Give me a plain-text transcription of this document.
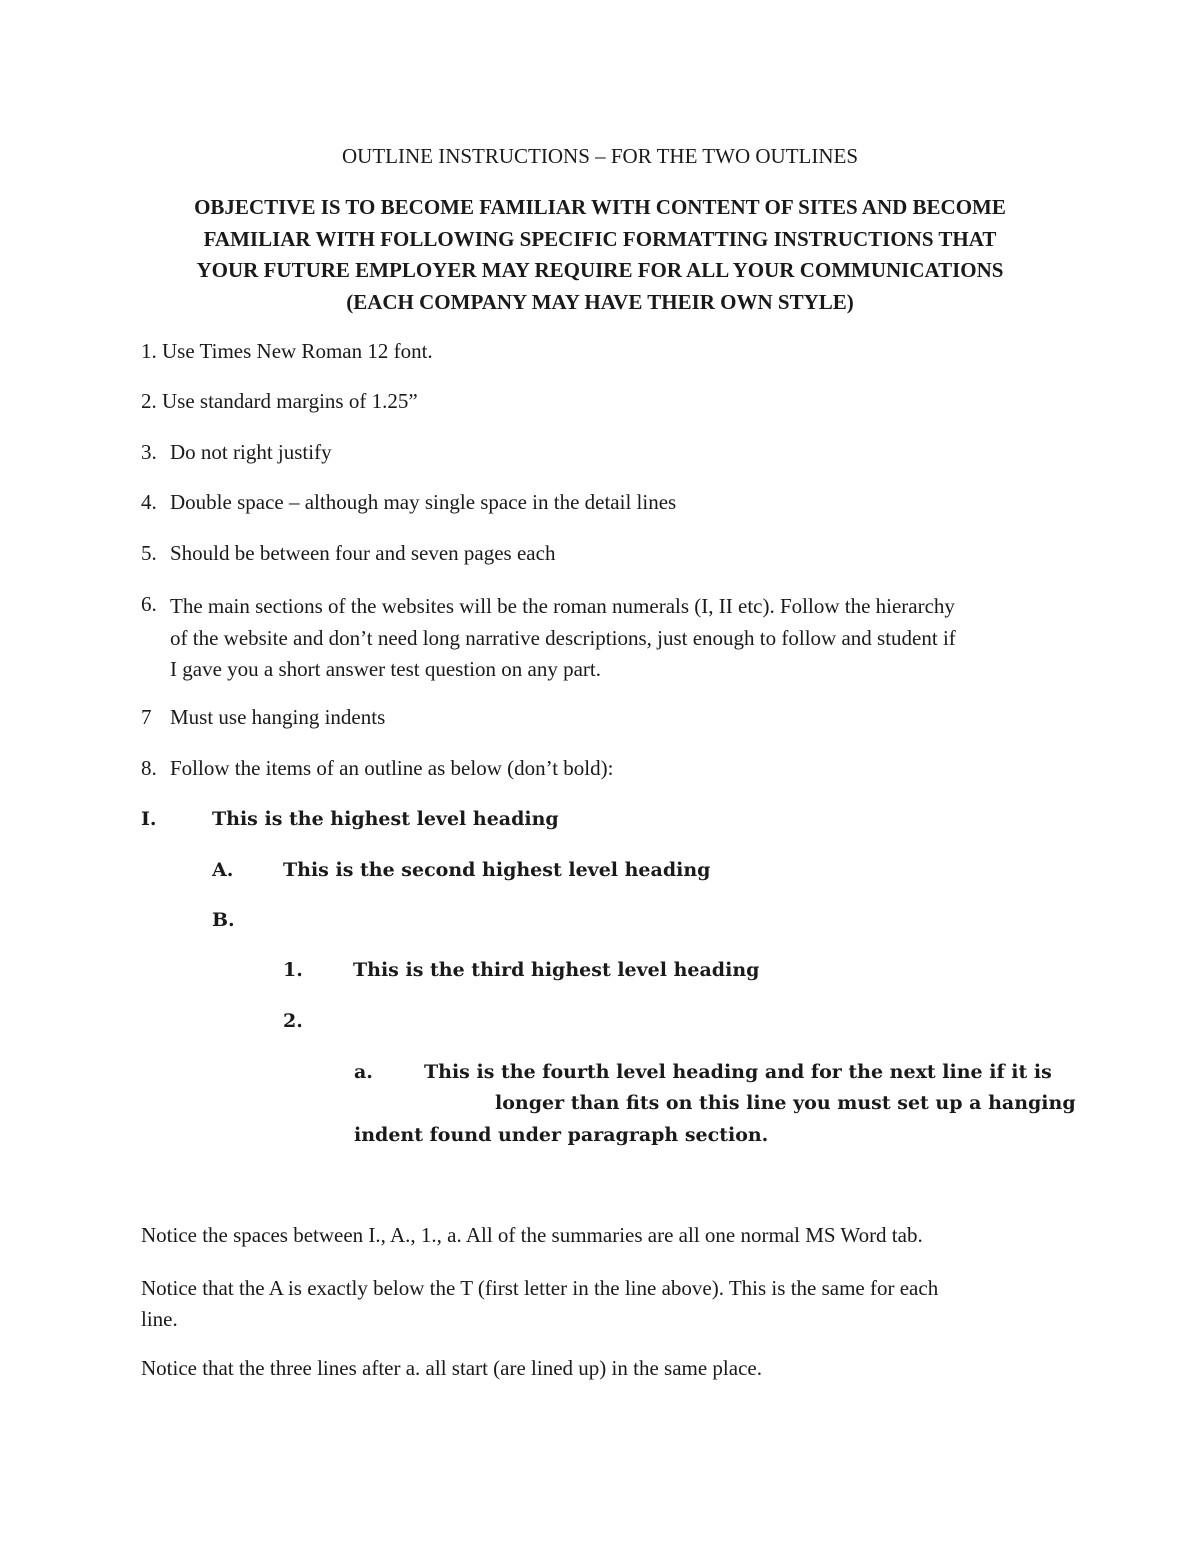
OUTLINE INSTRUCTIONS – FOR THE TWO OUTLINES
OBJECTIVE IS TO BECOME FAMILIAR WITH CONTENT OF SITES AND BECOME
FAMILIAR WITH FOLLOWING SPECIFIC FORMATTING INSTRUCTIONS THAT
YOUR FUTURE EMPLOYER MAY REQUIRE FOR ALL YOUR COMMUNICATIONS
(EACH COMPANY MAY HAVE THEIR OWN STYLE)
1. Use Times New Roman 12 font.
2. Use standard margins of 1.25”
3. Do not right justify
4. Double space – although may single space in the detail lines
5. Should be between four and seven pages each
6. The main sections of the websites will be the roman numerals (I, II etc). Follow the hierarchy
of the website and don’t need long narrative descriptions, just enough to follow and student if
I gave you a short answer test question on any part.
7 Must use hanging indents
8. Follow the items of an outline as below (don’t bold):
I.	This is the highest level heading
A.	This is the second highest level heading
B.
1.	This is the third highest level heading
2.
a.	This is the fourth level heading and for the next line if it is
longer than fits on this line you must set up a hanging
indent found under paragraph section.
Notice the spaces between I., A., 1., a. All of the summaries are all one normal MS Word tab.
Notice that the A is exactly below the T (first letter in the line above). This is the same for each
line.
Notice that the three lines after a. all start (are lined up) in the same place.
